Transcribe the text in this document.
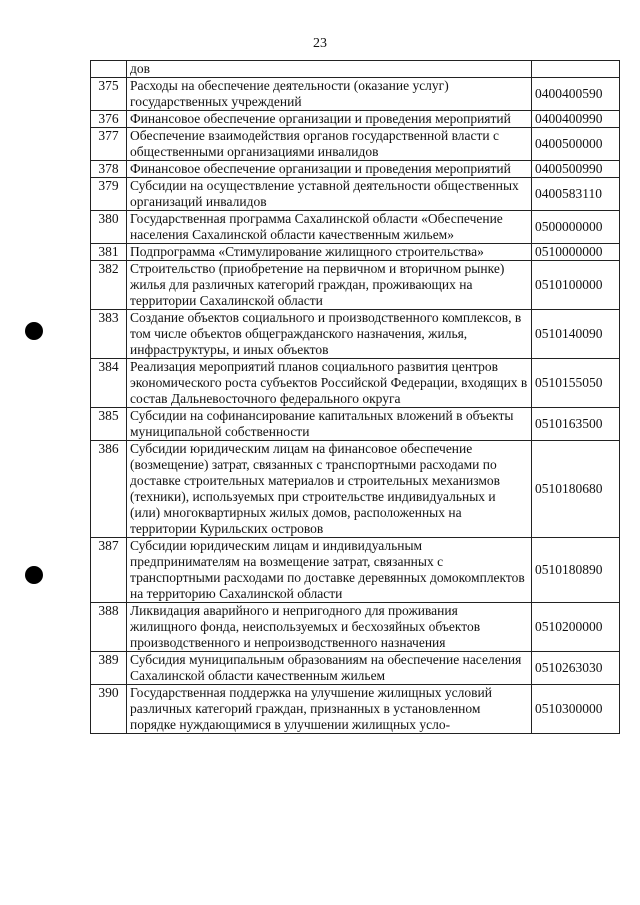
23
	дов	
375	Расходы на обеспечение деятельности (оказание услуг) государственных учреждений	0400400590
376	Финансовое обеспечение организации и проведения мероприятий	0400400990
377	Обеспечение взаимодействия органов государственной власти с общественными организациями инвалидов	0400500000
378	Финансовое обеспечение организации и проведения мероприятий	0400500990
379	Субсидии на осуществление уставной деятельности общественных организаций инвалидов	0400583110
380	Государственная программа Сахалинской области «Обеспечение населения Сахалинской области качественным жильем»	0500000000
381	Подпрограмма «Стимулирование жилищного строительства»	0510000000
382	Строительство (приобретение на первичном и вторичном рынке) жилья для различных категорий граждан, проживающих на территории Сахалинской области	0510100000
383	Создание объектов социального и производственного комплексов, в том числе объектов общегражданского назначения, жилья, инфраструктуры, и иных объектов	0510140090
384	Реализация мероприятий планов социального развития центров экономического роста субъектов Российской Федерации, входящих в состав Дальневосточного федерального округа	0510155050
385	Субсидии на софинансирование капитальных вложений в объекты муниципальной собственности	0510163500
386	Субсидии юридическим лицам на финансовое обеспечение (возмещение) затрат, связанных с транспортными расходами по доставке строительных материалов и строительных механизмов (техники), используемых при строительстве индивидуальных и (или) многоквартирных жилых домов, расположенных на территории Курильских островов	0510180680
387	Субсидии юридическим лицам и индивидуальным предпринимателям на возмещение затрат, связанных с транспортными расходами по доставке деревянных домокомплектов на территорию Сахалинской области	0510180890
388	Ликвидация аварийного и непригодного для проживания жилищного фонда, неиспользуемых и бесхозяйных объектов производственного и непроизводственного назначения	0510200000
389	Субсидия муниципальным образованиям на обеспечение населения Сахалинской области качественным жильем	0510263030
390	Государственная поддержка на улучшение жилищных условий различных категорий граждан, признанных в установленном порядке нуждающимися в улучшении жилищных усло-	0510300000
